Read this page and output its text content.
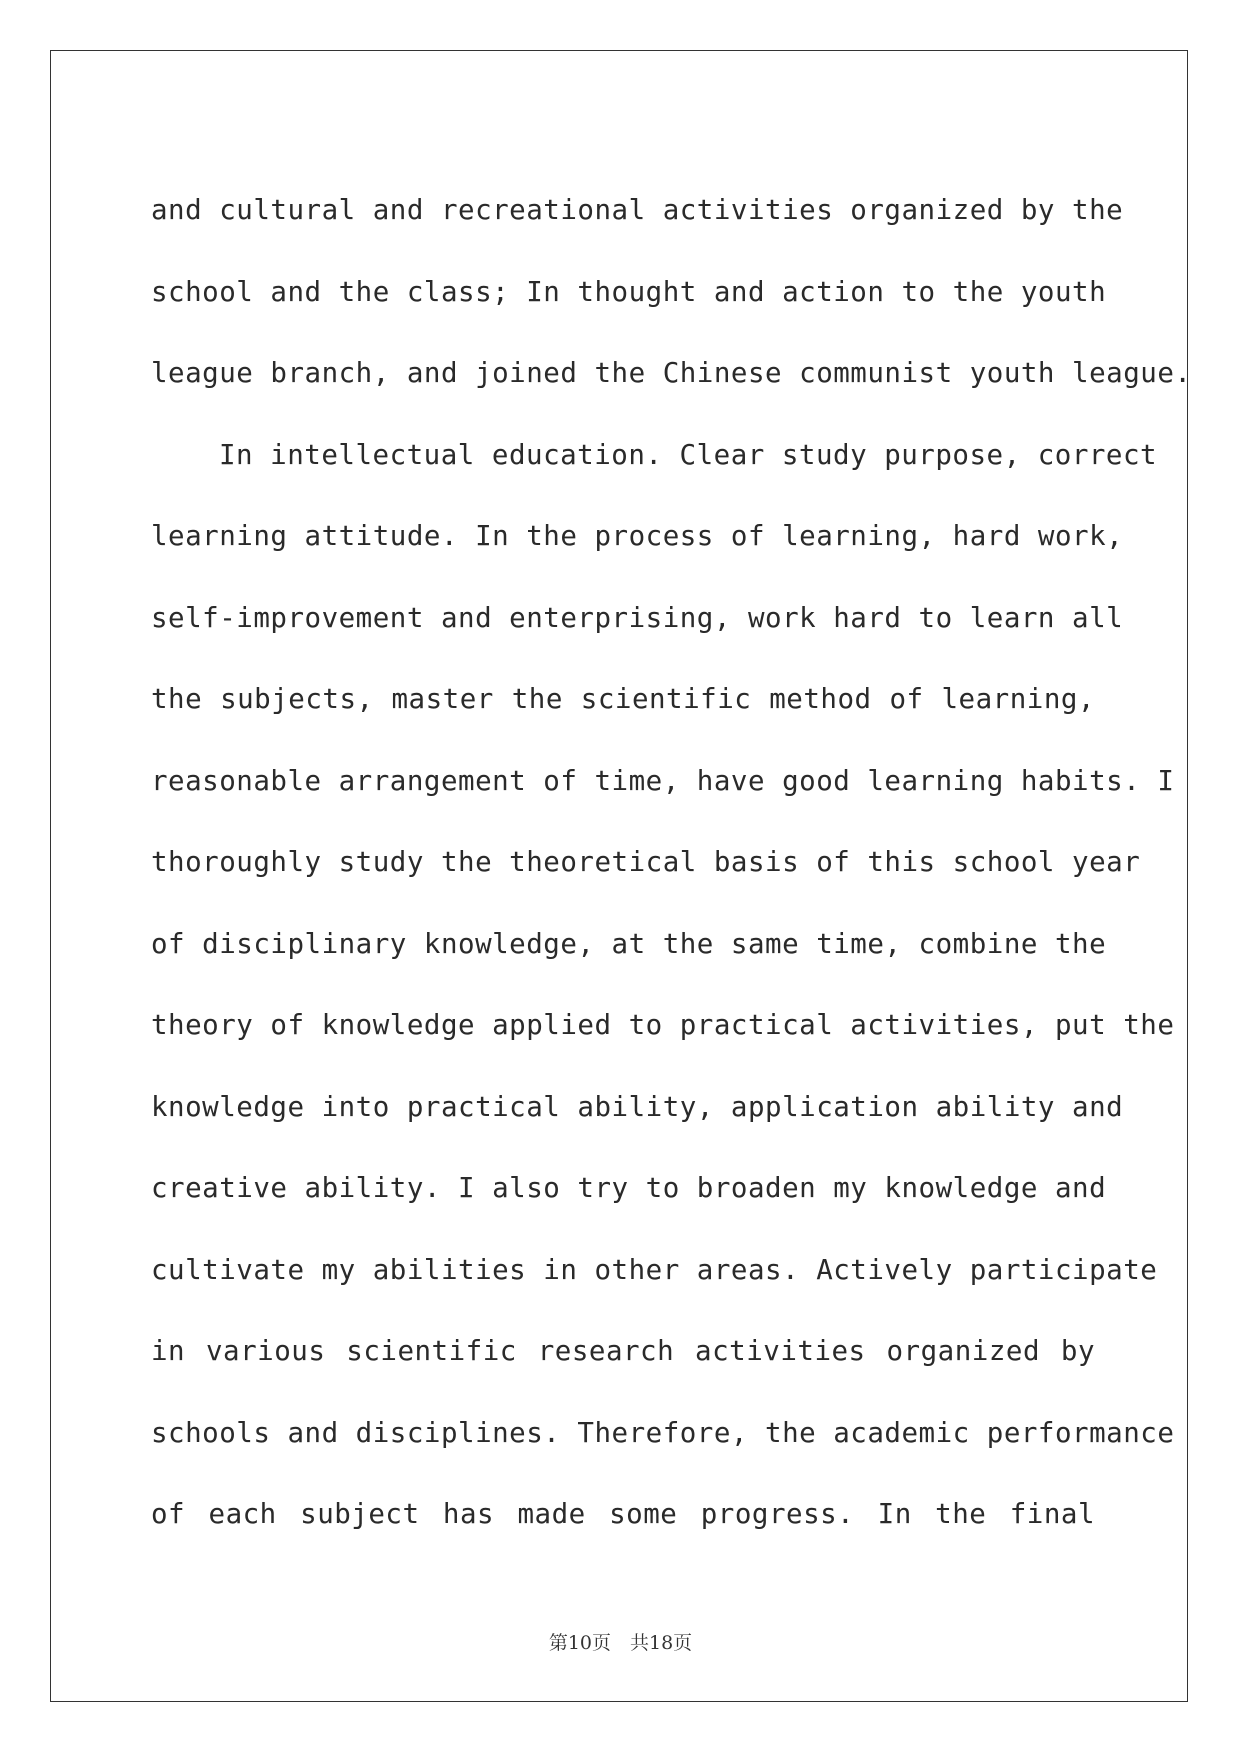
and cultural and recreational activities organized by the
school and the class; In thought and action to the youth
league branch, and joined the Chinese communist youth league.
In intellectual education. Clear study purpose, correct
learning attitude. In the process of learning, hard work,
self-improvement and enterprising, work hard to learn all
the subjects, master the scientific method of learning,
reasonable arrangement of time, have good learning habits. I
thoroughly study the theoretical basis of this school year
of disciplinary knowledge, at the same time, combine the
theory of knowledge applied to practical activities, put the
knowledge into practical ability, application ability and
creative ability. I also try to broaden my knowledge and
cultivate my abilities in other areas. Actively participate
in various scientific research activities organized by
schools and disciplines. Therefore, the academic performance
of each subject has made some progress. In the final
第10页　共18页
